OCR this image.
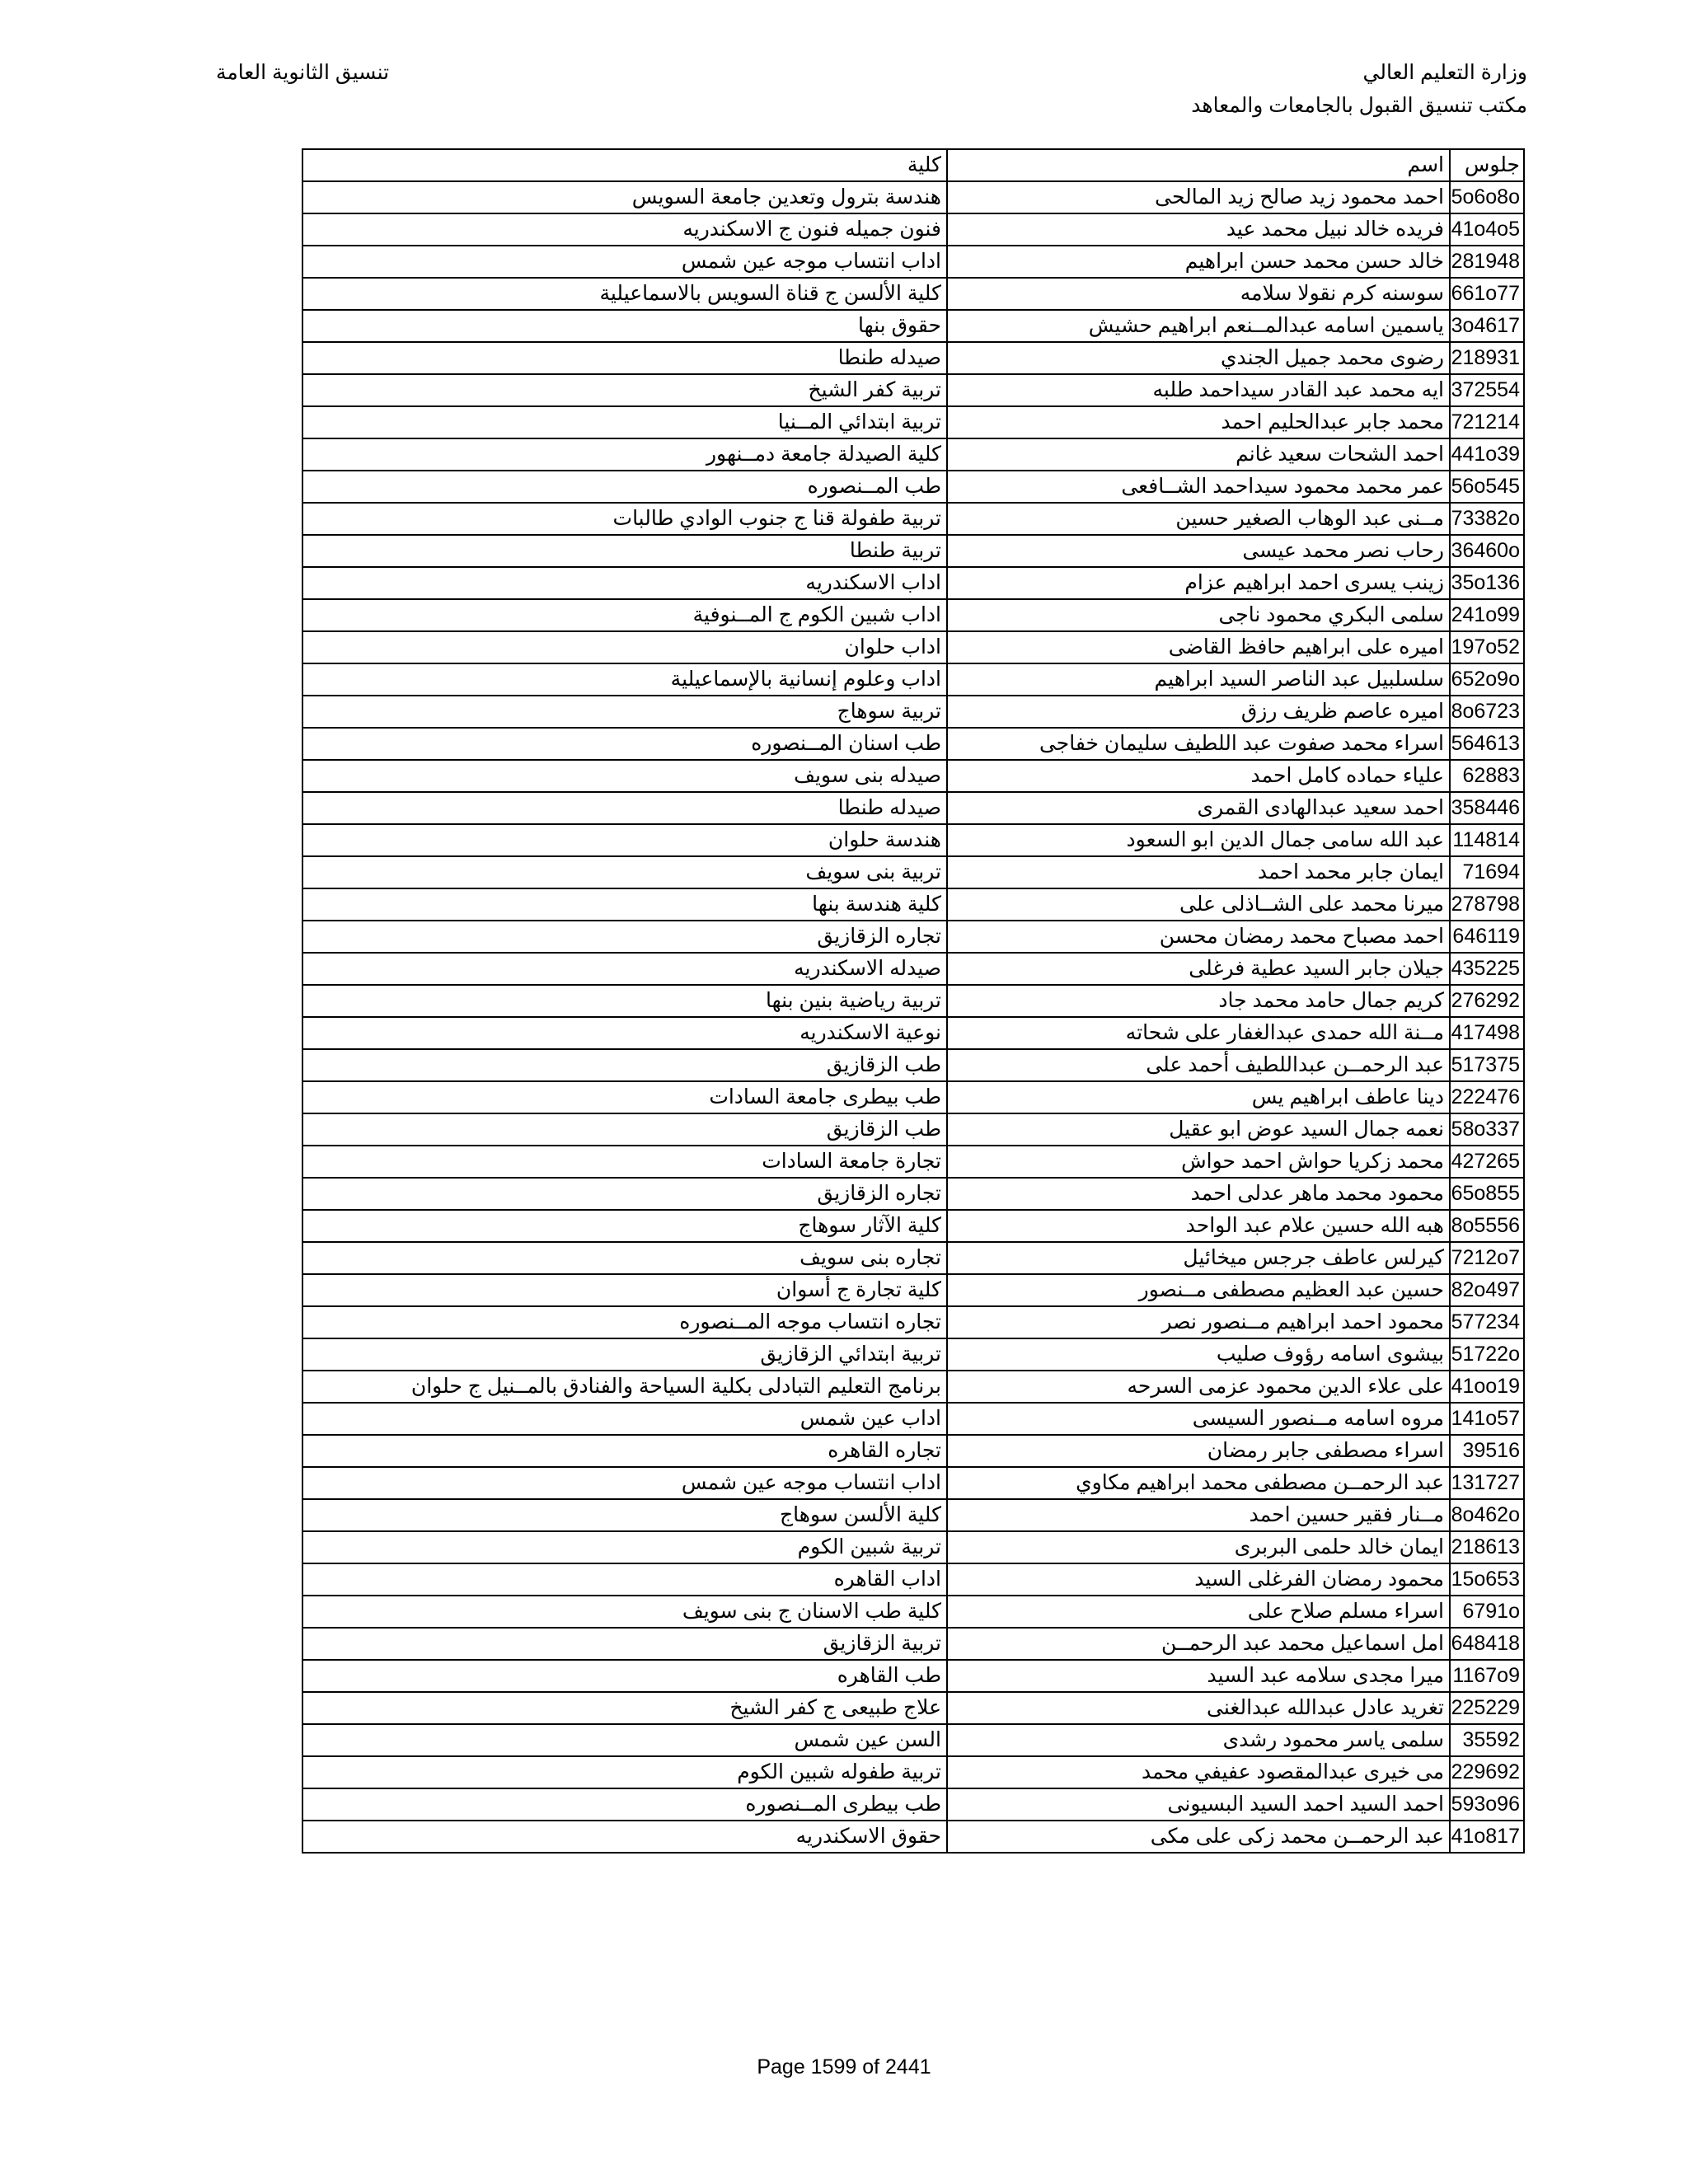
وزارة التعليم العالي
مكتب تنسيق القبول بالجامعات والمعاهد
تنسيق الثانوية العامة
جلوس	اسم	كلية
5o6o8o	احمد محمود زيد صالح زيد المالحى	هندسة بترول وتعدين جامعة السويس
41o4o5	فريده خالد نبيل محمد عيد	فنون جميله فنون ج الاسكندريه
281948	خالد حسن محمد حسن ابراهيم	اداب انتساب موجه عين شمس
661o77	سوسنه كرم نقولا سلامه	كلية الألسن ج قناة السويس بالاسماعيلية
3o4617	ياسمين اسامه عبدالمــنعم ابراهيم حشيش	حقوق بنها
218931	رضوى محمد جميل الجندي	صيدله طنطا
372554	ايه محمد عبد القادر سيداحمد طلبه	تربية كفر الشيخ
721214	محمد جابر عبدالحليم احمد	تربية ابتدائي المــنيا
441o39	احمد الشحات سعيد غانم	كلية الصيدلة جامعة دمــنهور
56o545	عمر محمد محمود سيداحمد الشــافعى	طب المــنصوره
73382o	مــنى عبد الوهاب الصغير حسين	تربية طفولة قنا ج جنوب الوادي طالبات
36460o	رحاب نصر محمد عيسى	تربية طنطا
35o136	زينب يسرى احمد ابراهيم عزام	اداب الاسكندريه
241o99	سلمى البكري محمود ناجى	اداب شبين الكوم ج المــنوفية
197o52	اميره على ابراهيم حافظ القاضى	اداب حلوان
652o9o	سلسلبيل عبد الناصر السيد ابراهيم	اداب وعلوم إنسانية بالإسماعيلية
8o6723	اميره عاصم ظريف رزق	تربية سوهاج
564613	اسراء محمد صفوت عبد اللطيف سليمان خفاجى	طب اسنان المــنصوره
62883	علياء حماده كامل احمد	صيدله بنى سويف
358446	احمد سعيد عبدالهادى القمرى	صيدله طنطا
114814	عبد الله سامى جمال الدين ابو السعود	هندسة حلوان
71694	ايمان جابر محمد احمد	تربية بنى سويف
278798	ميرنا محمد على الشــاذلى على	كلية هندسة بنها
646119	احمد مصباح محمد رمضان محسن	تجاره الزقازيق
435225	جيلان جابر السيد عطية فرغلى	صيدله الاسكندريه
276292	كريم جمال حامد محمد جاد	تربية رياضية بنين بنها
417498	مــنة الله حمدى عبدالغفار على شحاته	نوعية الاسكندريه
517375	عبد الرحمــن عبداللطيف أحمد على	طب الزقازيق
222476	دينا عاطف ابراهيم يس	طب بيطرى جامعة السادات
58o337	نعمه جمال السيد عوض ابو عقيل	طب الزقازيق
427265	محمد زكريا حواش احمد حواش	تجارة جامعة السادات
65o855	محمود محمد ماهر عدلى احمد	تجاره الزقازيق
8o5556	هبه الله حسين علام عبد الواحد	كلية الآثار سوهاج
7212o7	كيرلس عاطف جرجس ميخائيل	تجاره بنى سويف
82o497	حسين عبد العظيم مصطفى مــنصور	كلية تجارة ج أسوان
577234	محمود احمد ابراهيم مــنصور نصر	تجاره انتساب موجه المــنصوره
51722o	بيشوى اسامه رؤوف صليب	تربية ابتدائي الزقازيق
41oo19	على علاء الدين محمود عزمى السرحه	برنامج التعليم التبادلى بكلية السياحة والفنادق بالمــنيل ج حلوان
141o57	مروه اسامه مــنصور السيسى	اداب عين شمس
39516	اسراء مصطفى جابر رمضان	تجاره القاهره
131727	عبد الرحمــن مصطفى محمد ابراهيم مكاوي	اداب انتساب موجه عين شمس
8o462o	مــنار فقير حسين احمد	كلية الألسن سوهاج
218613	ايمان خالد حلمى البربرى	تربية شبين الكوم
15o653	محمود رمضان الفرغلى السيد	اداب القاهره
6791o	اسراء مسلم صلاح على	كلية طب الاسنان ج بنى سويف
648418	امل اسماعيل محمد عبد الرحمــن	تربية الزقازيق
1167o9	ميرا مجدى سلامه عبد السيد	طب القاهره
225229	تغريد عادل عبدالله عبدالغنى	علاج طبيعى ج كفر الشيخ
35592	سلمى ياسر محمود رشدى	السن عين شمس
229692	مى خيرى عبدالمقصود عفيفي محمد	تربية طفوله شبين الكوم
593o96	احمد السيد احمد السيد البسيونى	طب بيطرى المــنصوره
41o817	عبد الرحمــن محمد زكى على مكى	حقوق الاسكندريه
Page 1599 of 2441
